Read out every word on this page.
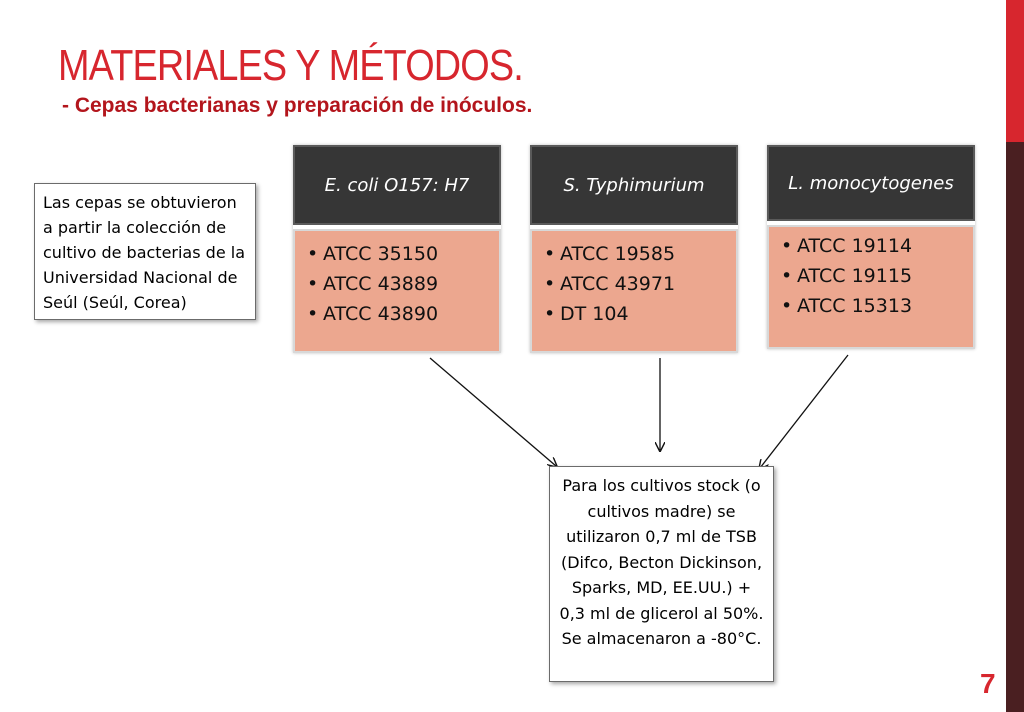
MATERIALES Y MÉTODOS.
- Cepas bacterianas y preparación de inóculos.
Las cepas se obtuvieron a partir la colección de cultivo de bacterias de la Universidad Nacional de Seúl (Seúl, Corea)
E. coli O157: H7
• ATCC 35150
• ATCC 43889
• ATCC 43890
S. Typhimurium
• ATCC 19585
• ATCC 43971
• DT 104
L. monocytogenes
• ATCC 19114
• ATCC 19115
• ATCC 15313
Para los cultivos stock (o cultivos madre) se utilizaron 0,7 ml de TSB (Difco, Becton Dickinson, Sparks, MD, EE.UU.) + 0,3 ml de glicerol al 50%. Se almacenaron a -80°C.
7
